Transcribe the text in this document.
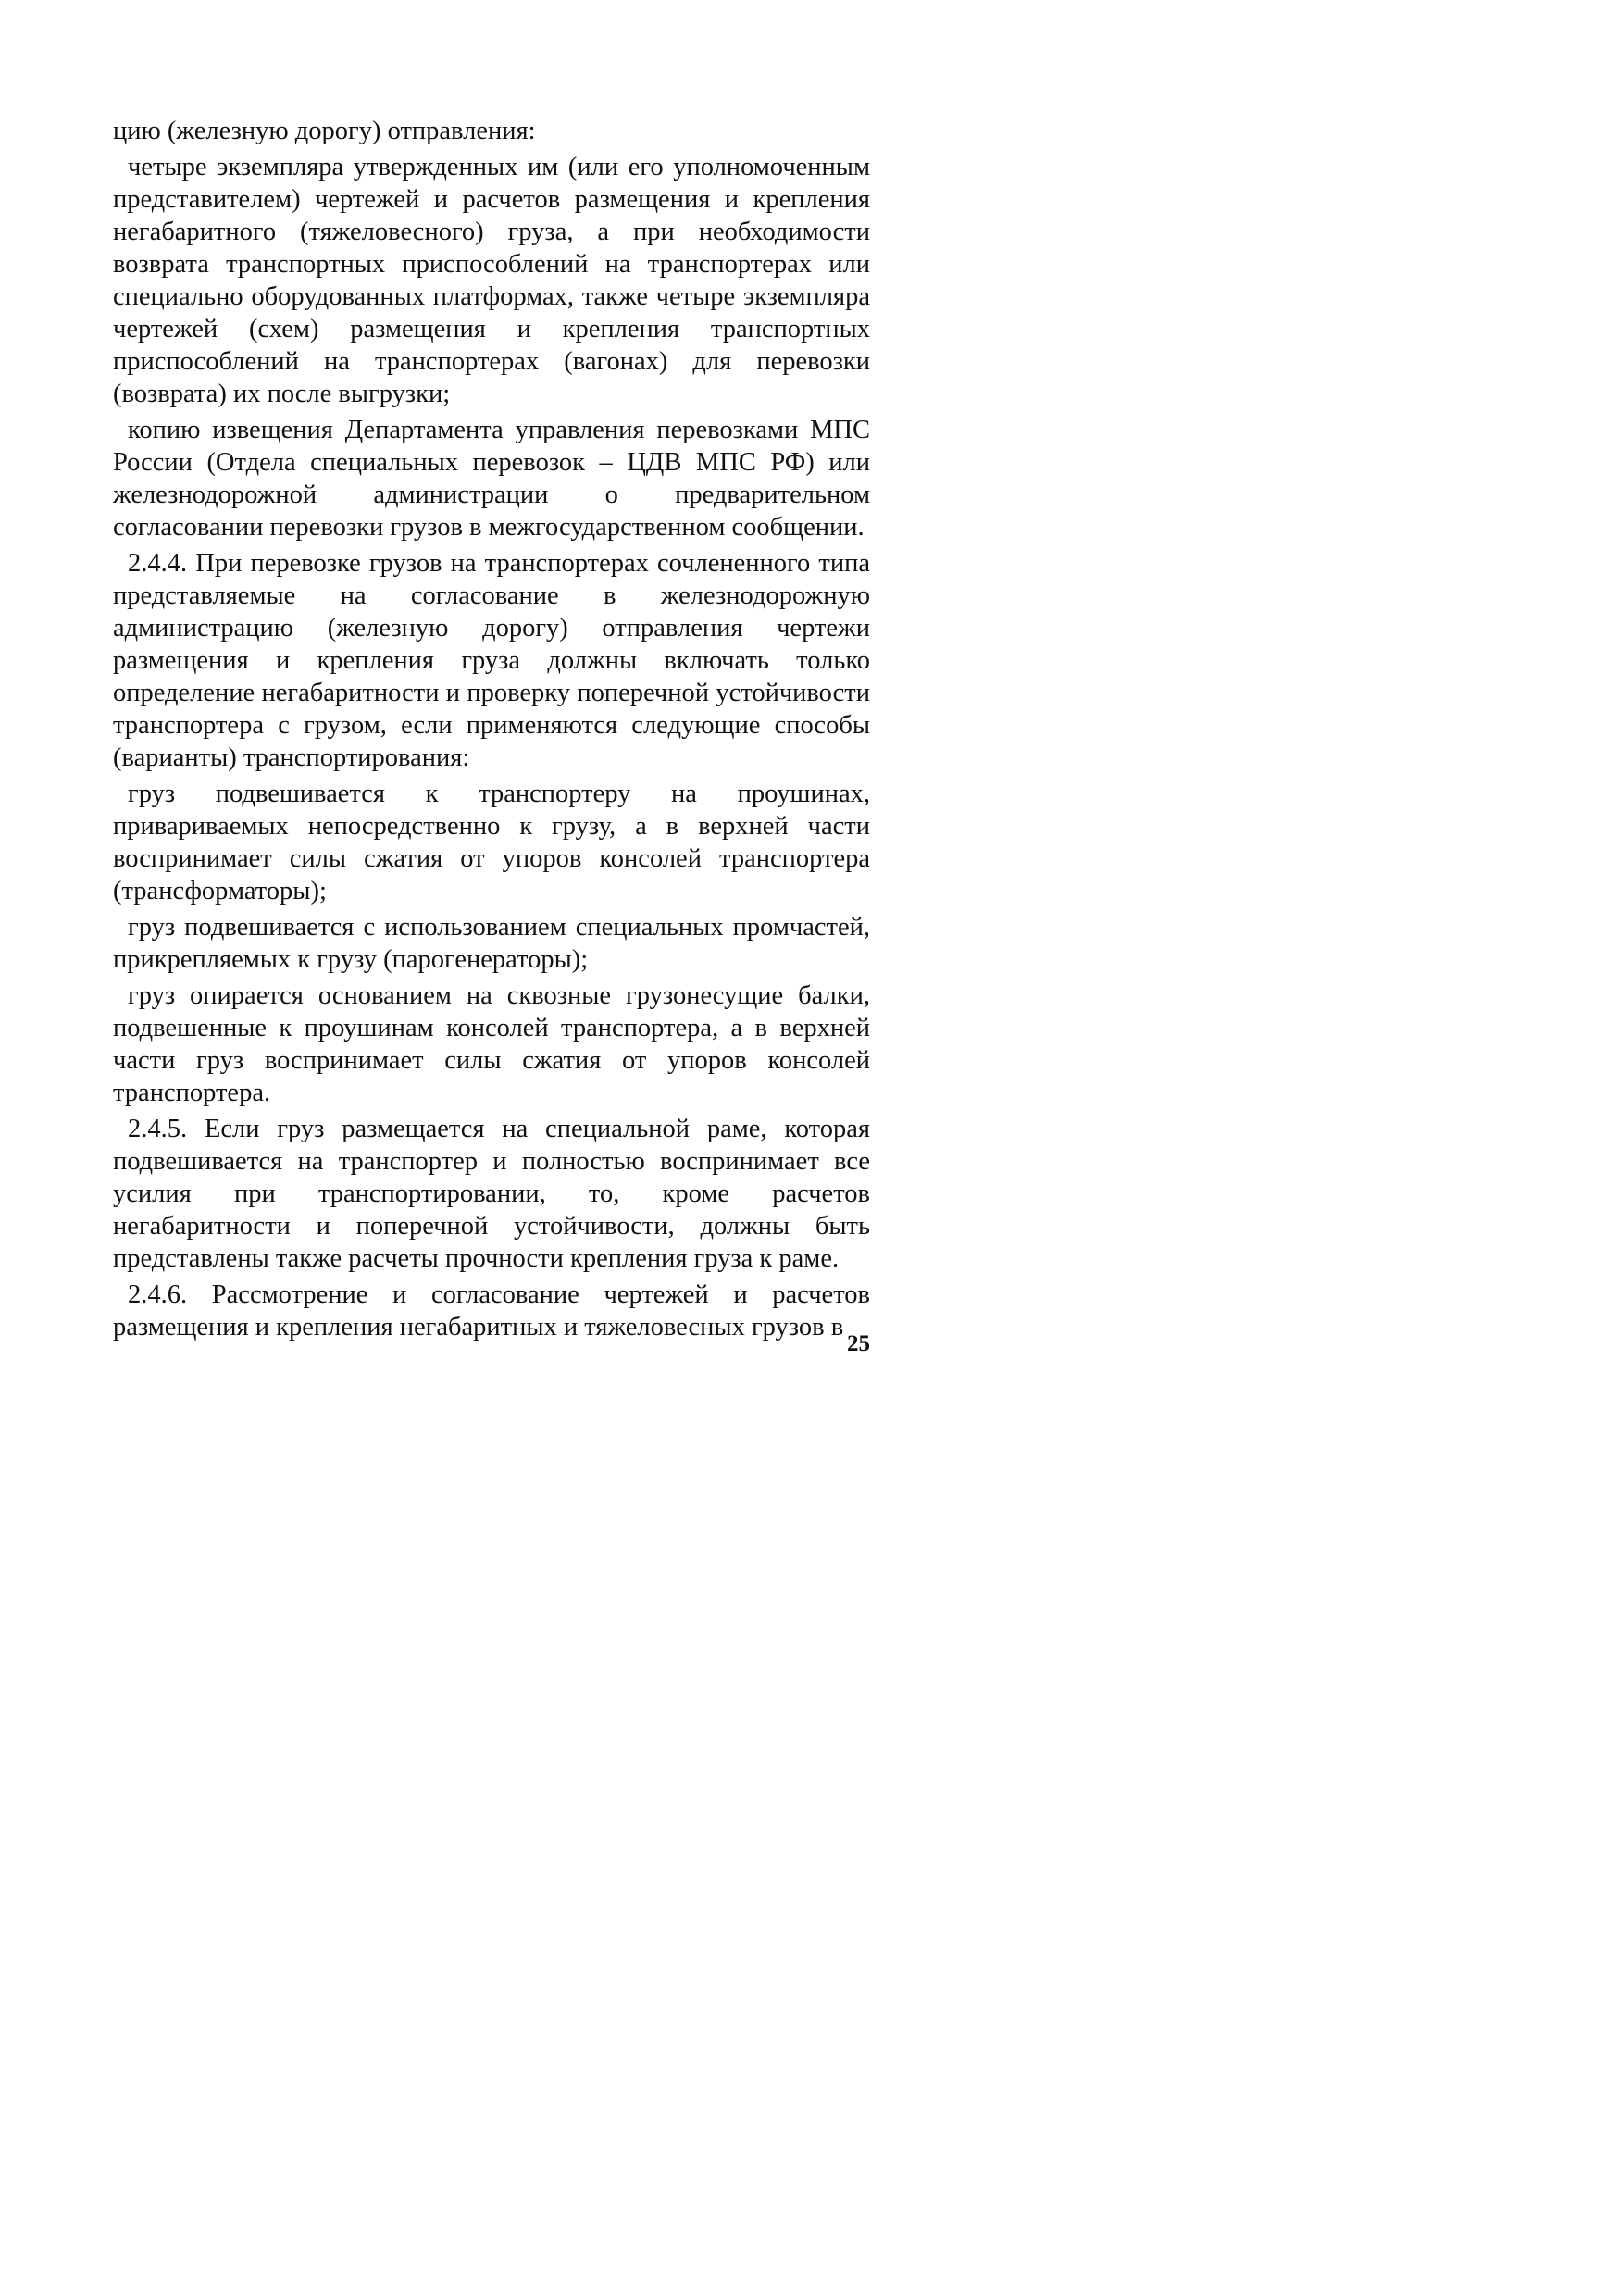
цию (железную дорогу) отправления:

четыре экземпляра утвержденных им (или его уполномоченным представителем) чертежей и расчетов размещения и крепления негабаритного (тяжеловесного) груза, а при необходимости возврата транспортных приспособлений на транспортерах или специально оборудованных платформах, также четыре экземпляра чертежей (схем) размещения и крепления транспортных приспособлений на транспортерах (вагонах) для перевозки (возврата) их после выгрузки;

копию извещения Департамента управления перевозками МПС России (Отдела специальных перевозок – ЦДВ МПС РФ) или железнодорожной администрации о предварительном согласовании перевозки грузов в межгосударственном сообщении.

2.4.4. При перевозке грузов на транспортерах сочлененного типа представляемые на согласование в железнодорожную администрацию (железную дорогу) отправления чертежи размещения и крепления груза должны включать только определение негабаритности и проверку поперечной устойчивости транспортера с грузом, если применяются следующие способы (варианты) транспортирования:

груз подвешивается к транспортеру на проушинах, привариваемых непосредственно к грузу, а в верхней части воспринимает силы сжатия от упоров консолей транспортера (трансформаторы);

груз подвешивается с использованием специальных промчастей, прикрепляемых к грузу (парогенераторы);

груз опирается основанием на сквозные грузонесущие балки, подвешенные к проушинам консолей транспортера, а в верхней части груз воспринимает силы сжатия от упоров консолей транспортера.

2.4.5. Если груз размещается на специальной раме, которая подвешивается на транспортер и полностью воспринимает все усилия при транспортировании, то, кроме расчетов негабаритности и поперечной устойчивости, должны быть представлены также расчеты прочности крепления груза к раме.

2.4.6. Рассмотрение и согласование чертежей и расчетов размещения и крепления негабаритных и тяжеловесных грузов в

25
